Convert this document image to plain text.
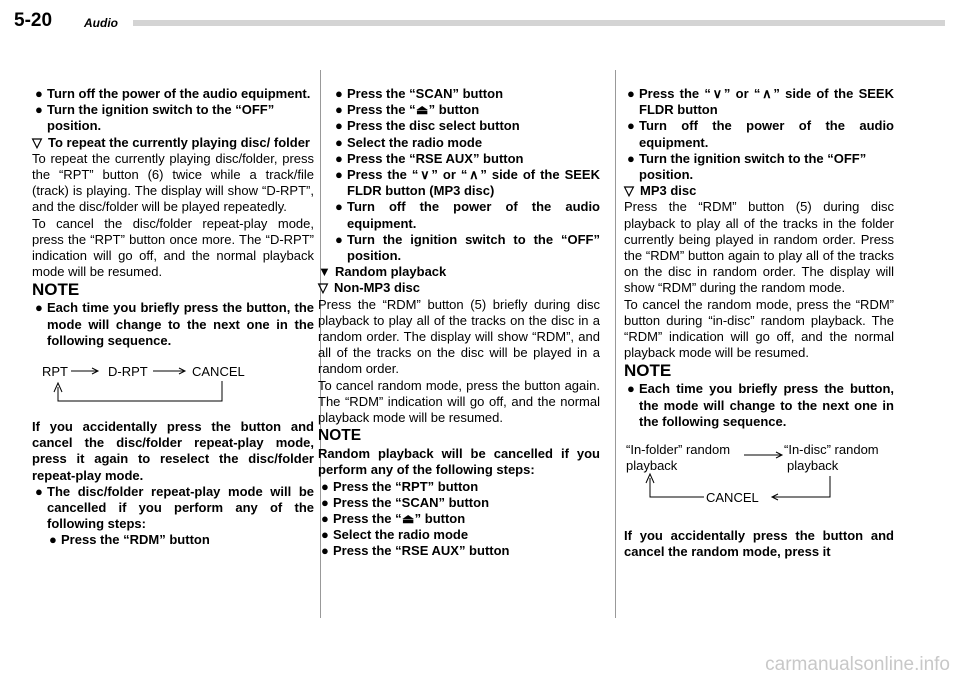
5-20	Audio

● Turn off the power of the audio equipment.

● Turn the ignition switch to the “OFF” position.

▽ To repeat the currently playing disc/ folder

To repeat the currently playing disc/folder, press the “RPT” button (6) twice while a track/file (track) is playing. The display will show “D-RPT”, and the disc/folder will be played repeatedly.

To cancel the disc/folder repeat-play mode, press the “RPT” button once more. The “D-RPT” indication will go off, and the normal playback mode will be resumed.

NOTE

● Each time you briefly press the button, the mode will change to the next one in the following sequence.

RPT	D-RPT	CANCEL

If you accidentally press the button and cancel the disc/folder repeat-play mode, press it again to reselect the disc/folder repeat-play mode.

● The disc/folder repeat-play mode will be cancelled if you perform any of the following steps:

● Press the “RDM” button

● Press the “SCAN” button

● Press the “⏏” button

● Press the disc select button

● Select the radio mode

● Press the “RSE AUX” button

● Press the “ ∨ ” or “ ∧ ” side of the SEEK FLDR button (MP3 disc)

● Turn off the power of the audio equipment.

● Turn the ignition switch to the “OFF” position.

▼ Random playback

▽ Non-MP3 disc

Press the “RDM” button (5) briefly during disc playback to play all of the tracks on the disc in a random order. The display will show “RDM”, and all of the tracks on the disc will be played in a random order.

To cancel random mode, press the button again. The “RDM” indication will go off, and the normal playback mode will be resumed.

NOTE

Random playback will be cancelled if you perform any of the following steps:

● Press the “RPT” button

● Press the “SCAN” button

● Press the “⏏” button

● Select the radio mode

● Press the “RSE AUX” button

● Press the “ ∨ ” or “ ∧ ” side of the SEEK FLDR button

● Turn off the power of the audio equipment.

● Turn the ignition switch to the “OFF” position.

▽ MP3 disc

Press the “RDM” button (5) during disc playback to play all of the tracks in the folder currently being played in random order. Press the “RDM” button again to play all of the tracks on the disc in random order. The display will show “RDM” during the random mode.

To cancel the random mode, press the “RDM” button during “in-disc” random playback. The “RDM” indication will go off, and the normal playback mode will be resumed.

NOTE

● Each time you briefly press the button, the mode will change to the next one in the following sequence.

“In-folder” random
playback
“In-disc” random
playback
CANCEL

If you accidentally press the button and cancel the random mode, press it

carmanualsonline.info
